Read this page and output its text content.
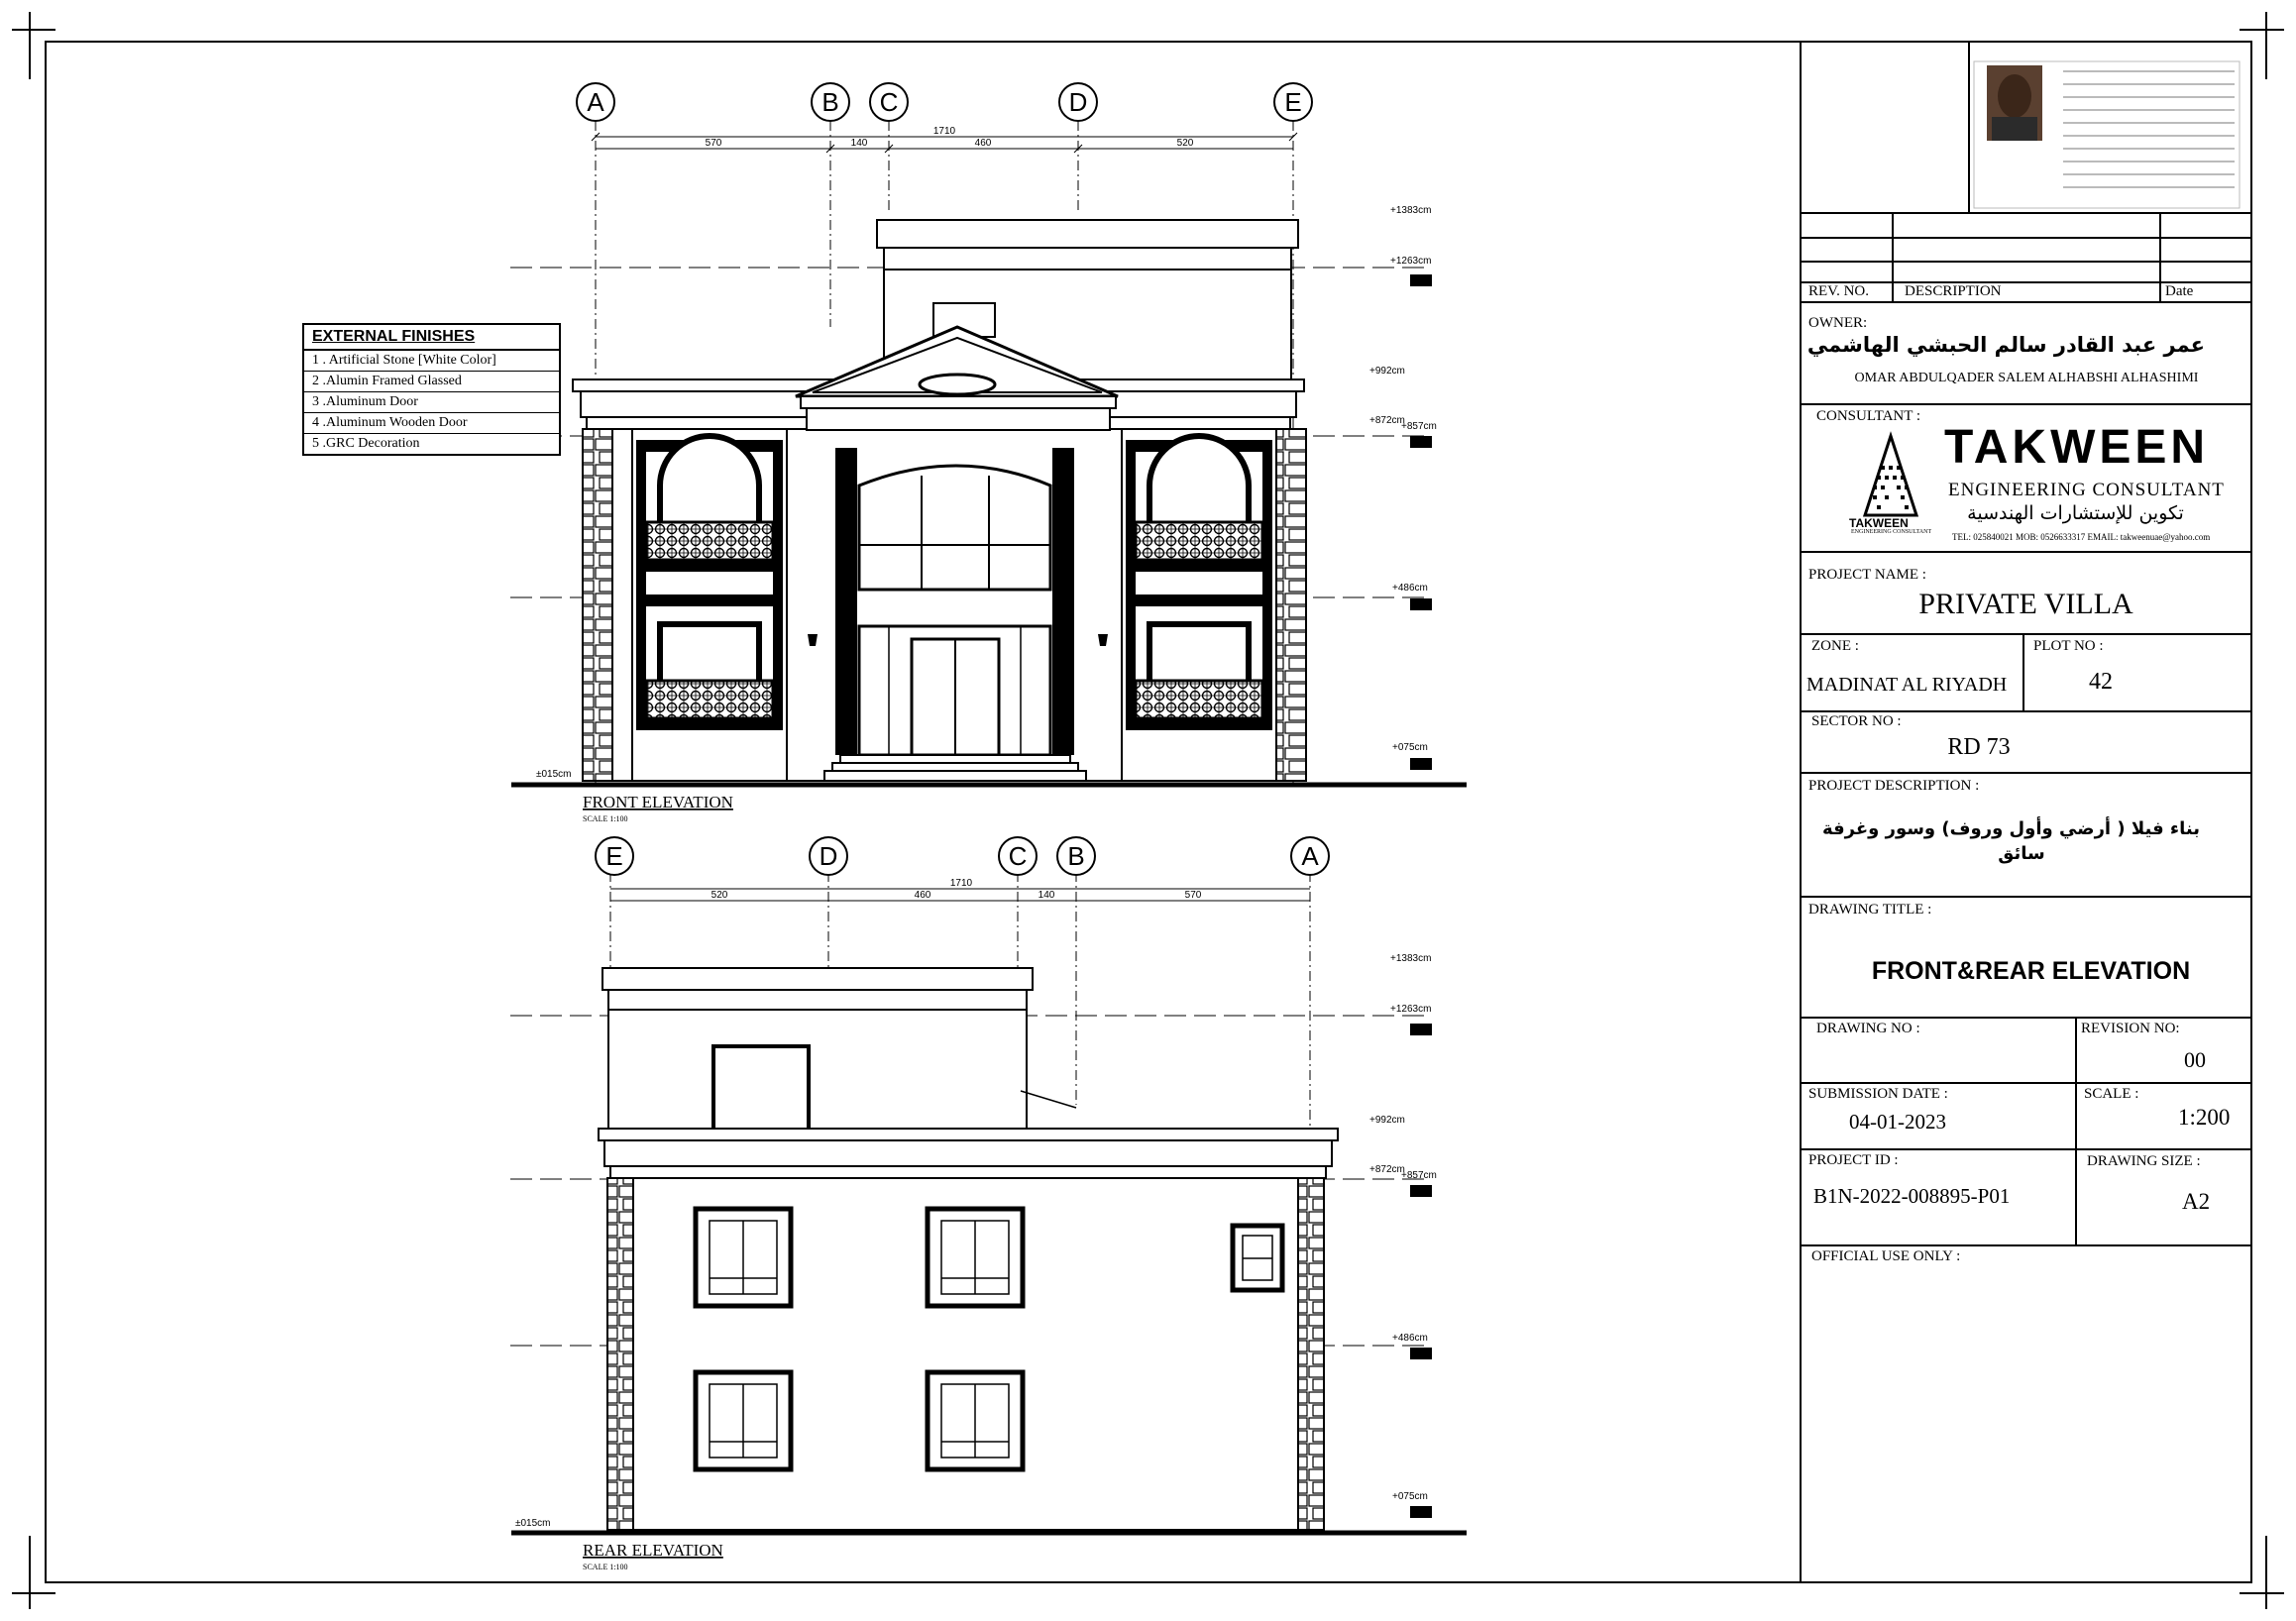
A	B C	D	E
1710
570	140	460	520
+1383cm
+1263cm
+992cm
+872cm
+857cm
+486cm
+075cm
±015cm
FRONT ELEVATION
SCALE 1:100
E	D	C B	A
1710
520	460	140	570
+1383cm
+1263cm
+992cm
+872cm
+857cm
+486cm
+075cm
±015cm
REAR ELEVATION
SCALE 1:100
EXTERNAL FINISHES
1 . Artificial Stone [White Color]
2 .Alumin Framed Glassed
3 .Aluminum Door
4 .Aluminum Wooden Door
5 .GRC Decoration
REV. NO. DESCRIPTION	Date
OWNER:
عمر عبد القادر سالم الحبشي الهاشمي
OMAR ABDULQADER SALEM ALHABSHI ALHASHIMI
CONSULTANT :
TAKWEEN
ENGINEERING CONSULTANT
تكوين للإستشارات الهندسية
TAKWEEN
ENGINEERING CONSULTANT TEL: 025840021 MOB: 0526633317 EMAIL: takweenuae@yahoo.com
PROJECT NAME :
PRIVATE VILLA
ZONE :
MADINAT AL RIYADH
PLOT NO :
42
SECTOR NO :
RD 73
PROJECT DESCRIPTION :
بناء فيلا ( أرضي وأول وروف) وسور وغرفة
سائق
DRAWING TITLE :
FRONT&REAR ELEVATION
DRAWING NO :	REVISION NO:
00
SUBMISSION DATE :
04-01-2023
SCALE :
1:200
PROJECT ID :
B1N-2022-008895-P01
DRAWING SIZE :
A2
OFFICIAL USE ONLY :
